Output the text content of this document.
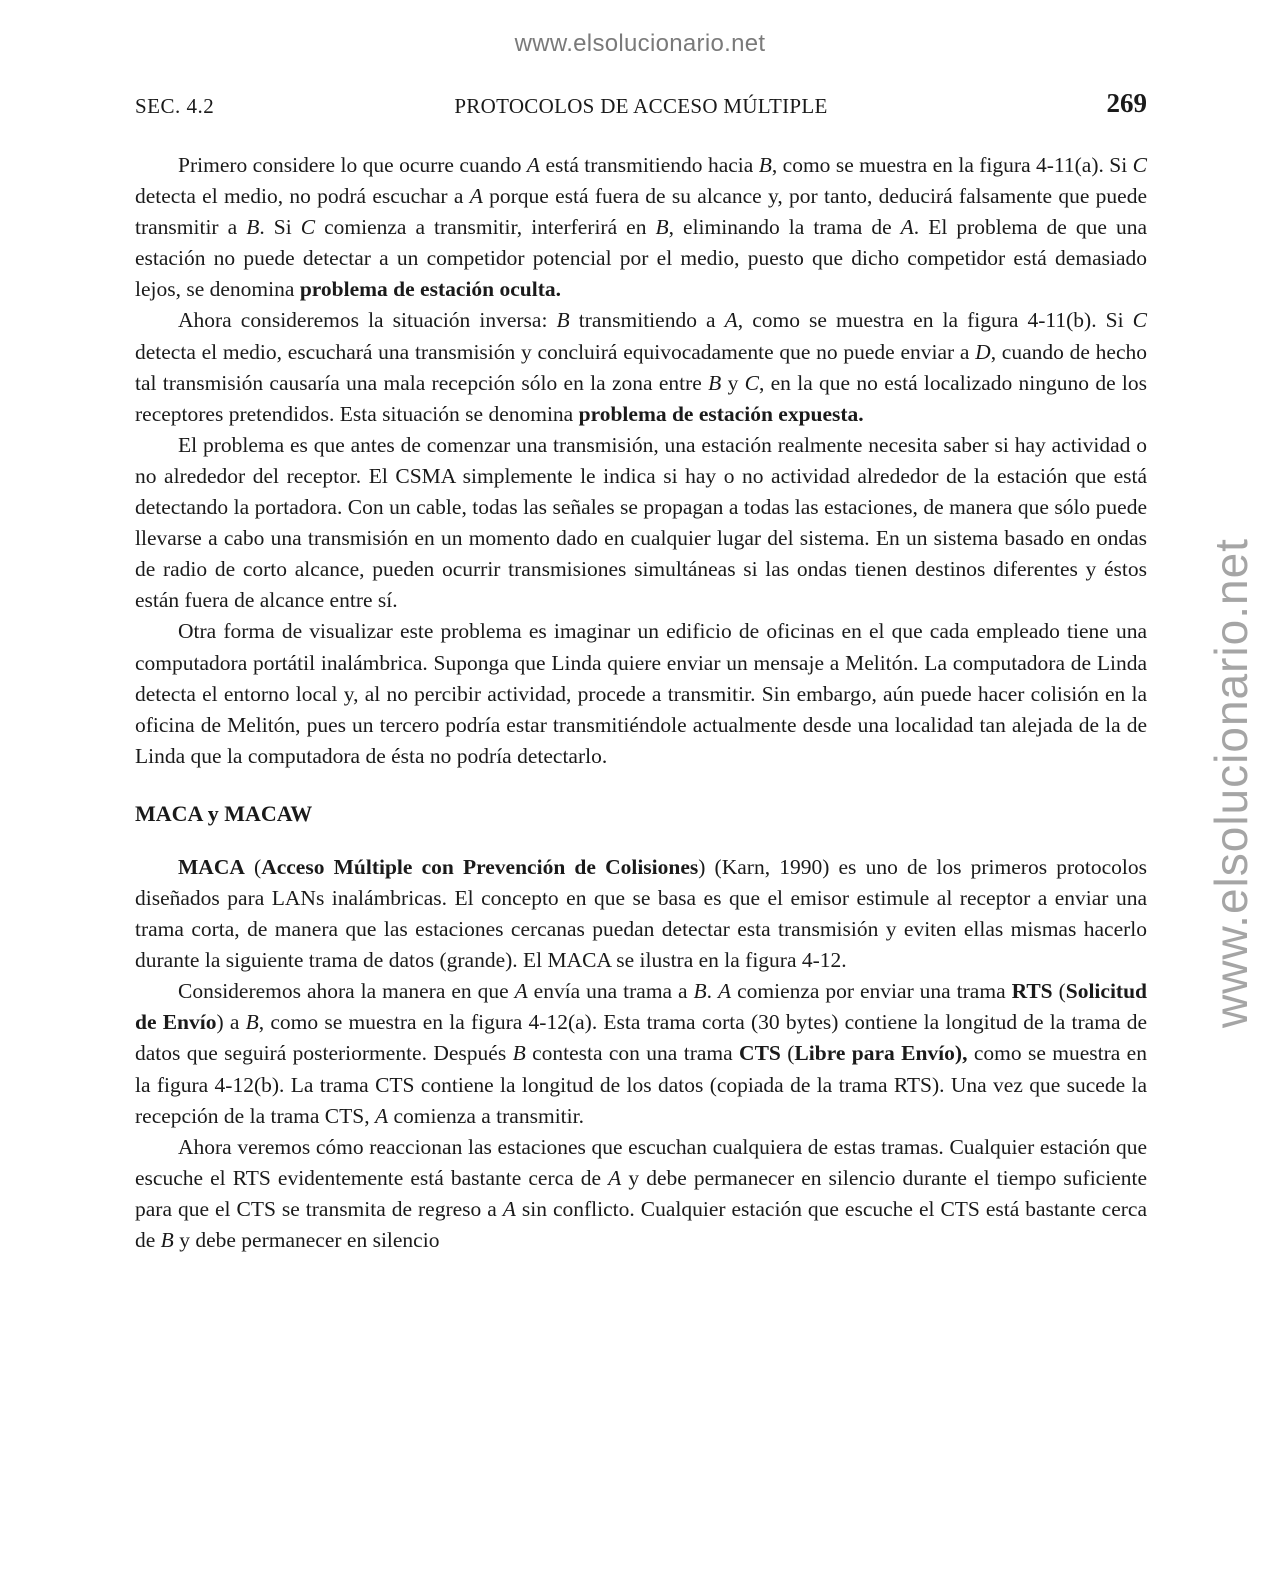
www.elsolucionario.net
www.elsolucionario.net
SEC. 4.2	PROTOCOLOS DE ACCESO MÚLTIPLE	269

Primero considere lo que ocurre cuando A está transmitiendo hacia B, como se muestra en la figura 4-11(a). Si C detecta el medio, no podrá escuchar a A porque está fuera de su alcance y, por tanto, deducirá falsamente que puede transmitir a B. Si C comienza a transmitir, interferirá en B, eliminando la trama de A. El problema de que una estación no puede detectar a un competidor potencial por el medio, puesto que dicho competidor está demasiado lejos, se denomina problema de estación oculta.

Ahora consideremos la situación inversa: B transmitiendo a A, como se muestra en la figura 4-11(b). Si C detecta el medio, escuchará una transmisión y concluirá equivocadamente que no puede enviar a D, cuando de hecho tal transmisión causaría una mala recepción sólo en la zona entre B y C, en la que no está localizado ninguno de los receptores pretendidos. Esta situación se denomina problema de estación expuesta.

El problema es que antes de comenzar una transmisión, una estación realmente necesita saber si hay actividad o no alrededor del receptor. El CSMA simplemente le indica si hay o no actividad alrededor de la estación que está detectando la portadora. Con un cable, todas las señales se propagan a todas las estaciones, de manera que sólo puede llevarse a cabo una transmisión en un momento dado en cualquier lugar del sistema. En un sistema basado en ondas de radio de corto alcance, pueden ocurrir transmisiones simultáneas si las ondas tienen destinos diferentes y éstos están fuera de alcance entre sí.

Otra forma de visualizar este problema es imaginar un edificio de oficinas en el que cada empleado tiene una computadora portátil inalámbrica. Suponga que Linda quiere enviar un mensaje a Melitón. La computadora de Linda detecta el entorno local y, al no percibir actividad, procede a transmitir. Sin embargo, aún puede hacer colisión en la oficina de Melitón, pues un tercero podría estar transmitiéndole actualmente desde una localidad tan alejada de la de Linda que la computadora de ésta no podría detectarlo.

MACA y MACAW

MACA (Acceso Múltiple con Prevención de Colisiones) (Karn, 1990) es uno de los primeros protocolos diseñados para LANs inalámbricas. El concepto en que se basa es que el emisor estimule al receptor a enviar una trama corta, de manera que las estaciones cercanas puedan detectar esta transmisión y eviten ellas mismas hacerlo durante la siguiente trama de datos (grande). El MACA se ilustra en la figura 4-12.

Consideremos ahora la manera en que A envía una trama a B. A comienza por enviar una trama RTS (Solicitud de Envío) a B, como se muestra en la figura 4-12(a). Esta trama corta (30 bytes) contiene la longitud de la trama de datos que seguirá posteriormente. Después B contesta con una trama CTS (Libre para Envío), como se muestra en la figura 4-12(b). La trama CTS contiene la longitud de los datos (copiada de la trama RTS). Una vez que sucede la recepción de la trama CTS, A comienza a transmitir.

Ahora veremos cómo reaccionan las estaciones que escuchan cualquiera de estas tramas. Cualquier estación que escuche el RTS evidentemente está bastante cerca de A y debe permanecer en silencio durante el tiempo suficiente para que el CTS se transmita de regreso a A sin conflicto. Cualquier estación que escuche el CTS está bastante cerca de B y debe permanecer en silencio
